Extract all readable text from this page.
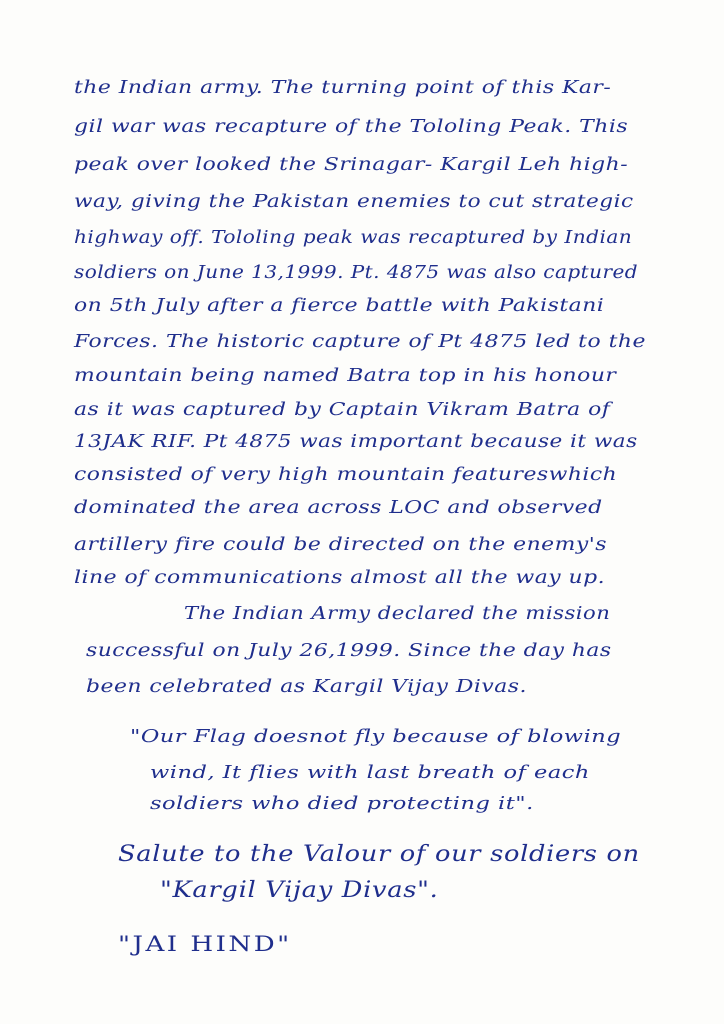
the Indian army. The turning point of this Kar-
gil war was recapture of the Tololing Peak. This
peak over looked the Srinagar- Kargil Leh high-
way, giving the Pakistan enemies to cut strategic
highway off. Tololing peak was recaptured by Indian
soldiers on June 13,1999. Pt. 4875 was also captured
on 5th July after a fierce battle with Pakistani
Forces. The historic capture of Pt 4875 led to the
mountain being named Batra top in his honour
as it was captured by Captain Vikram Batra of
13JAK RIF. Pt 4875 was important because it was
consisted of very high mountain featureswhich
dominated the area across LOC and observed
artillery fire could be directed on the enemy's
line of communications almost all the way up.
The Indian Army declared the mission
successful on July 26,1999. Since the day has
been celebrated as Kargil Vijay Divas.
"Our Flag doesnot fly because of blowing
wind, It flies with last breath of each
soldiers who died protecting it".
Salute to the Valour of our soldiers on
"Kargil Vijay Divas".
"JAI HIND"
